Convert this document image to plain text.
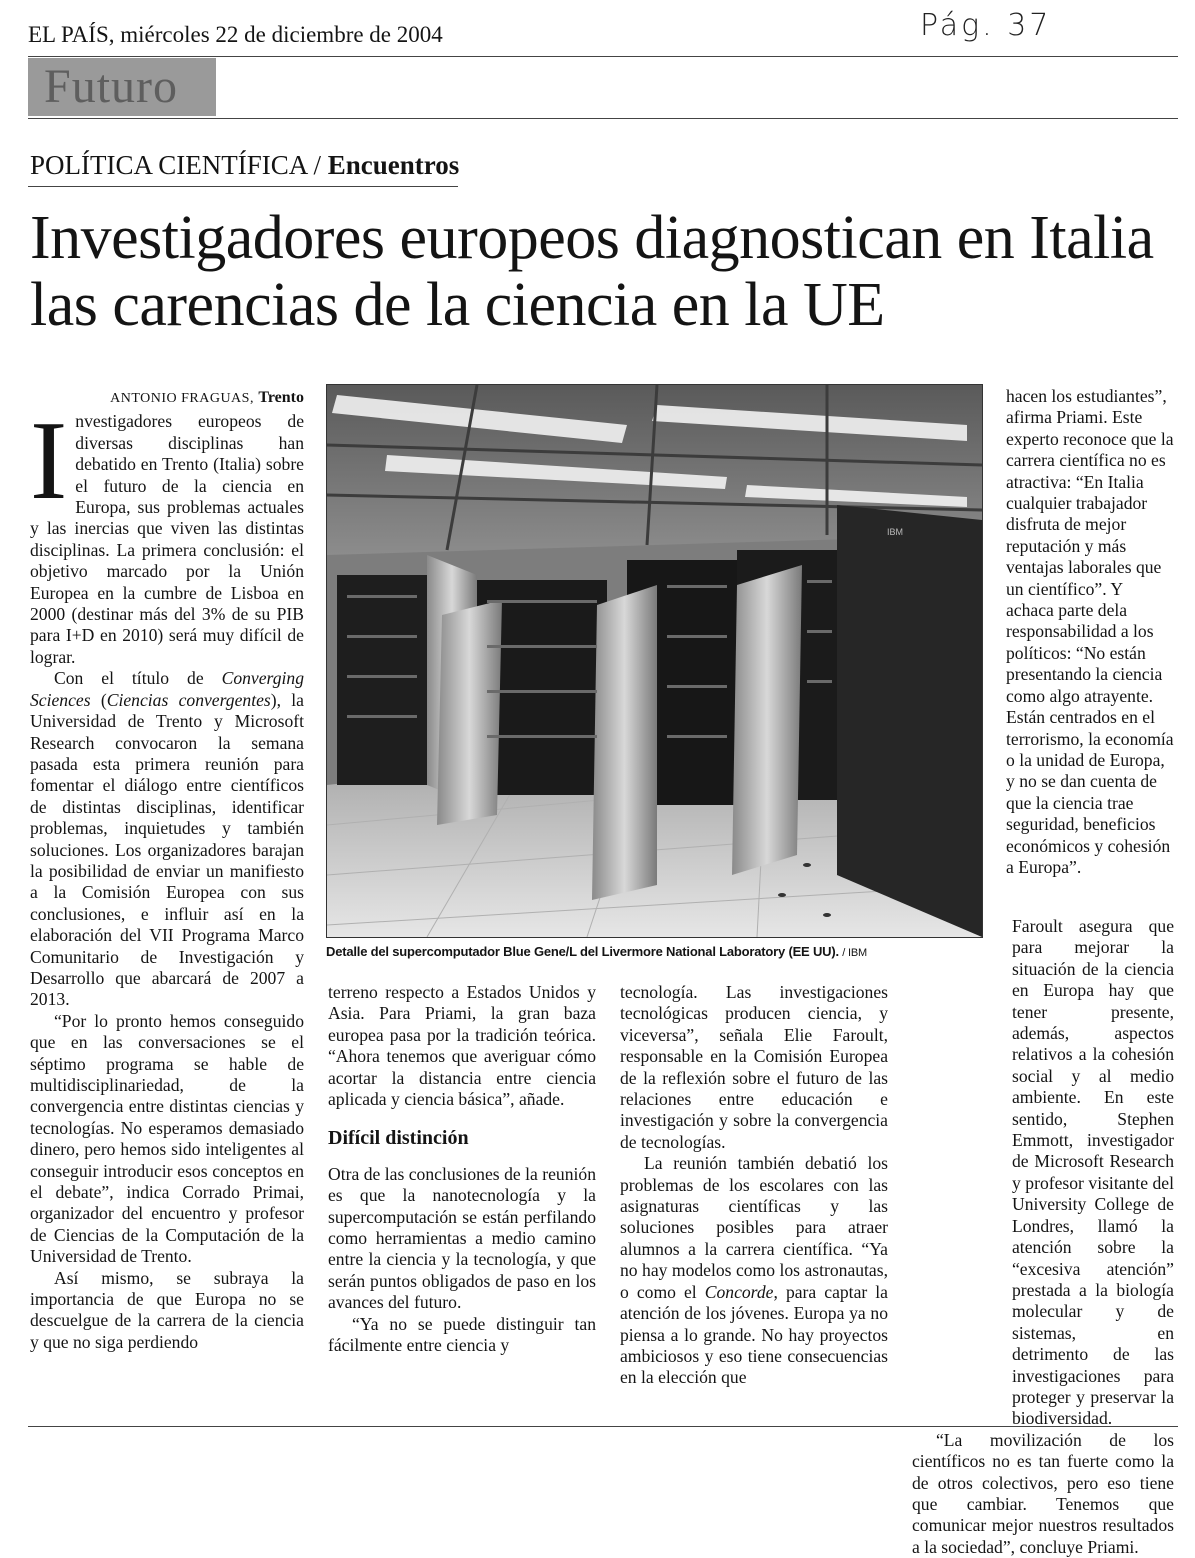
EL PAÍS, miércoles 22 de diciembre de 2004	Pág. 37
Futuro
POLÍTICA CIENTÍFICA / Encuentros
Investigadores europeos diagnostican en Italia las carencias de la ciencia en la UE
ANTONIO FRAGUAS, Trento

Investigadores europeos de diversas disciplinas han debatido en Trento (Italia) sobre el futuro de la ciencia en Europa, sus problemas actuales y las inercias que viven las distintas disciplinas. La primera conclusión: el objetivo marcado por la Unión Europea en la cumbre de Lisboa en 2000 (destinar más del 3% de su PIB para I+D en 2010) será muy difícil de lograr.

Con el título de Converging Sciences (Ciencias convergentes), la Universidad de Trento y Microsoft Research convocaron la semana pasada esta primera reunión para fomentar el diálogo entre científicos de distintas disciplinas, identificar problemas, inquietudes y también soluciones. Los organizadores barajan la posibilidad de enviar un manifiesto a la Comisión Europea con sus conclusiones, e influir así en la elaboración del VII Programa Marco Comunitario de Investigación y Desarrollo que abarcará de 2007 a 2013.

“Por lo pronto hemos conseguido que en las conversaciones se el séptimo programa se hable de multidisciplinariedad, de la convergencia entre distintas ciencias y tecnologías. No esperamos demasiado dinero, pero hemos sido inteligentes al conseguir introducir esos conceptos en el debate”, indica Corrado Primai, organizador del encuentro y profesor de Ciencias de la Computación de la Universidad de Trento.

Así mismo, se subraya la importancia de que Europa no se descuelgue de la carrera de la ciencia y que no siga perdiendo

IBM
Detalle del supercomputador Blue Gene/L del Livermore National Laboratory (EE UU). / IBM

terreno respecto a Estados Unidos y Asia. Para Priami, la gran baza europea pasa por la tradición teórica. “Ahora tenemos que averiguar cómo acortar la distancia entre ciencia aplicada y ciencia básica”, añade.

Difícil distinción

Otra de las conclusiones de la reunión es que la nanotecnología y la supercomputación se están perfilando como herramientas a medio camino entre la ciencia y la tecnología, y que serán puntos obligados de paso en los avances del futuro.

“Ya no se puede distinguir tan fácilmente entre ciencia y

tecnología. Las investigaciones tecnológicas producen ciencia, y viceversa”, señala Elie Faroult, responsable en la Comisión Europea de la reflexión sobre el futuro de las relaciones entre educación e investigación y sobre la convergencia de tecnologías.

La reunión también debatió los problemas de los escolares con las asignaturas científicas y las soluciones posibles para atraer alumnos a la carrera científica. “Ya no hay modelos como los astronautas, o como el Concorde, para captar la atención de los jóvenes. Europa ya no piensa a lo grande. No hay proyectos ambiciosos y eso tiene consecuencias en la elección que

hacen los estudiantes”, afirma Priami. Este experto reconoce que la carrera científica no es atractiva: “En Italia cualquier trabajador disfruta de mejor reputación y más ventajas laborales que un científico”. Y achaca parte dela responsabilidad a los políticos: “No están presentando la ciencia como algo atrayente. Están centrados en el terrorismo, la economía o la unidad de Europa, y no se dan cuenta de que la ciencia trae seguridad, beneficios económicos y cohesión a Europa”.

Faroult asegura que para mejorar la situación de la ciencia en Europa hay que tener presente, además, aspectos relativos a la cohesión social y al medio ambiente. En este sentido, Stephen Emmott, investigador de Microsoft Research y profesor visitante del University College de Londres, llamó la atención sobre la “excesiva atención” prestada a la biología molecular y de sistemas, en detrimento de las investigaciones para proteger y preservar la biodiversidad.

“La movilización de los científicos no es tan fuerte como la de otros colectivos, pero eso tiene que cambiar. Tenemos que comunicar mejor nuestros resultados a la sociedad”, concluye Priami.
